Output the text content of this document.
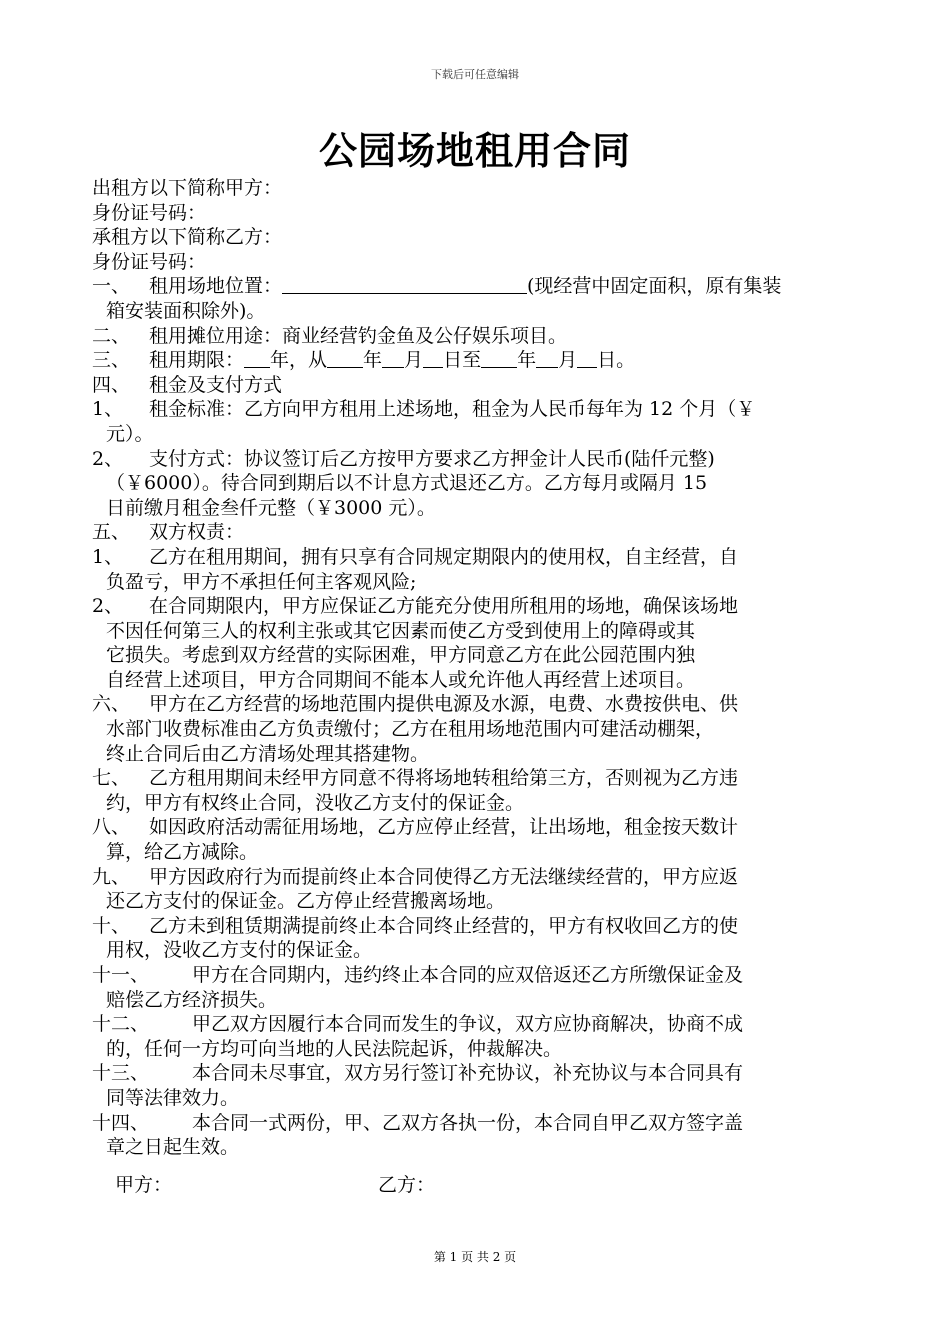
下载后可任意编辑
公园场地租用合同
出租方以下简称甲方：
身份证号码：
承租方以下简称乙方：
身份证号码：
一、 租用场地位置：	(现经营中固定面积，原有集装
箱安装面积除外)。
二、 租用摊位用途：商业经营钓金鱼及公仔娱乐项目。
三、 租用期限： 年，从 年 月 日至 年 月 日。
四、 租金及支付方式
1、	租金标准：乙方向甲方租用上述场地，租金为人民币每年为 12 个月（￥
元）。
2、	支付方式：协议签订后乙方按甲方要求乙方押金计人民币(陆仟元整)
（￥6000）。待合同到期后以不计息方式退还乙方。乙方每月或隔月 15
日前缴月租金叁仟元整（￥3000 元）。
五、 双方权责：
1、	乙方在租用期间，拥有只享有合同规定期限内的使用权，自主经营，自
负盈亏，甲方不承担任何主客观风险;
2、	在合同期限内，甲方应保证乙方能充分使用所租用的场地，确保该场地
不因任何第三人的权利主张或其它因素而使乙方受到使用上的障碍或其
它损失。考虑到双方经营的实际困难，甲方同意乙方在此公园范围内独
自经营上述项目，甲方合同期间不能本人或允许他人再经营上述项目。
六、 甲方在乙方经营的场地范围内提供电源及水源，电费、水费按供电、供
水部门收费标准由乙方负责缴付；乙方在租用场地范围内可建活动棚架，
终止合同后由乙方清场处理其搭建物。
七、 乙方租用期间未经甲方同意不得将场地转租给第三方，否则视为乙方违
约，甲方有权终止合同，没收乙方支付的保证金。
八、 如因政府活动需征用场地，乙方应停止经营，让出场地，租金按天数计
算，给乙方减除。
九、 甲方因政府行为而提前终止本合同使得乙方无法继续经营的，甲方应返
还乙方支付的保证金。乙方停止经营搬离场地。
十、 乙方未到租赁期满提前终止本合同终止经营的，甲方有权收回乙方的使
用权，没收乙方支付的保证金。
十一、	甲方在合同期内，违约终止本合同的应双倍返还乙方所缴保证金及
赔偿乙方经济损失。
十二、	甲乙双方因履行本合同而发生的争议，双方应协商解决，协商不成
的，任何一方均可向当地的人民法院起诉，仲裁解决。
十三、	本合同未尽事宜，双方另行签订补充协议，补充协议与本合同具有
同等法律效力。
十四、	本合同一式两份，甲、乙双方各执一份，本合同自甲乙双方签字盖
章之日起生效。
甲方：	乙方：
第 1 页 共 2 页
